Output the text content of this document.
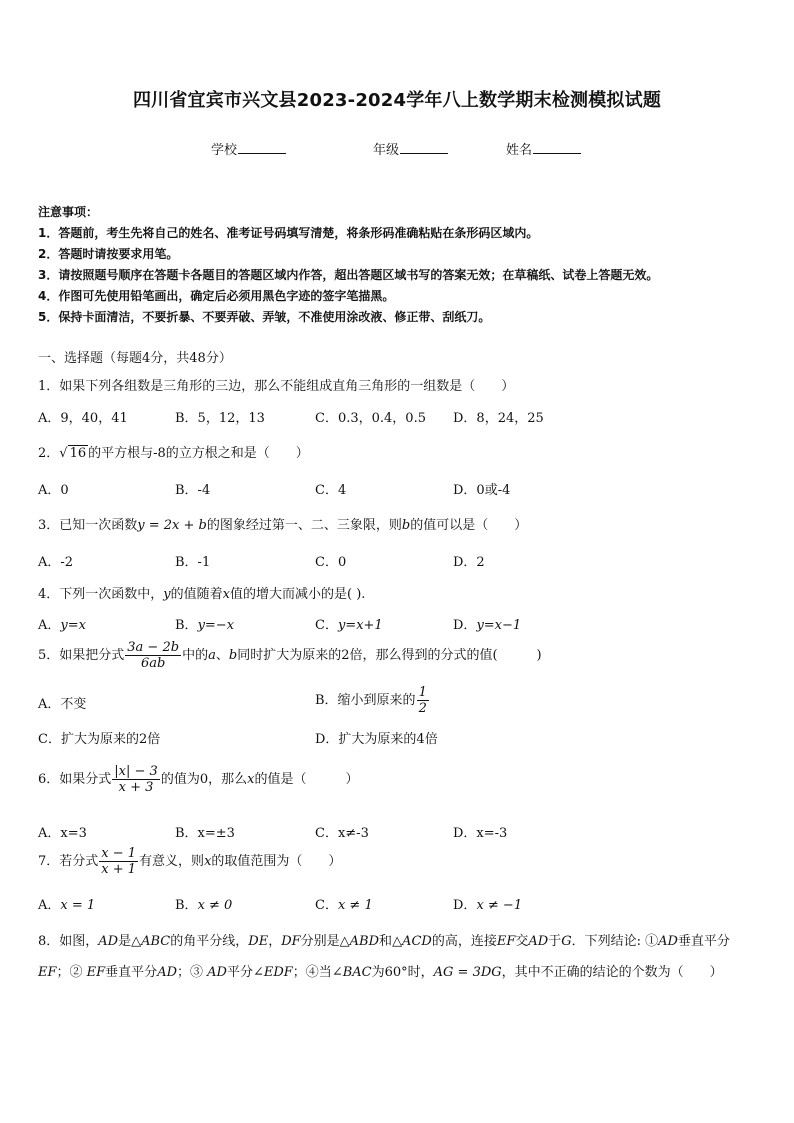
四川省宜宾市兴文县2023-2024学年八上数学期末检测模拟试题
学校	年级	姓名
注意事项：
1．答题前，考生先将自己的姓名、准考证号码填写清楚，将条形码准确粘贴在条形码区域内。
2．答题时请按要求用笔。
3．请按照题号顺序在答题卡各题目的答题区域内作答，超出答题区域书写的答案无效；在草稿纸、试卷上答题无效。
4．作图可先使用铅笔画出，确定后必须用黑色字迹的签字笔描黑。
5．保持卡面清洁，不要折暴、不要弄破、弄皱，不准使用涂改液、修正带、刮纸刀。
一、选择题（每题4分，共48分）
1．如果下列各组数是三角形的三边，那么不能组成直角三角形的一组数是（　　）
A．9，40，41	B．5，12，13	C．0.3，0.4，0.5 D．8，24，25
2．√ 16 的平方根与-8的立方根之和是（　　）
A．0	B．-4	C．4	D．0或-4
3．已知一次函数y = 2x + b的图象经过第一、二、三象限，则b的值可以是（　　）
A．-2	B．-1	C．0	D．2
4．下列一次函数中，y的值随着x值的增大而减小的是( ).
A．y=x	B．y=−x	C．y=x+1	D．y=x−1
5．如果把分式 $\frac{3a - 2b}{6ab}$ 中的a、b同时扩大为原来的2倍，那么得到的分式的值(　　　)
A．不变	B．缩小到原来的 $\frac{1}{2}$
C．扩大为原来的2倍	D．扩大为原来的4倍
6．如果分式 $\frac{|x| - 3}{x + 3}$ 的值为0，那么x的值是（　　　）
A．x=3	B．x=±3	C．x≠-3	D．x=-3
7．若分式 $\frac{x - 1}{x + 1}$ 有意义，则x的取值范围为（　　）
A．x = 1	B．x ≠ 0	C．x ≠ 1	D．x ≠ −1
8．如图，AD是△ABC的角平分线，DE，DF分别是△ABD和△ACD的高，连接EF交AD于G．下列结论: ①AD垂直平分EF；② EF垂直平分AD；③ AD平分∠EDF；④当∠BAC为60°时，AG = 3DG，其中不正确的结论的个数为（　　）
